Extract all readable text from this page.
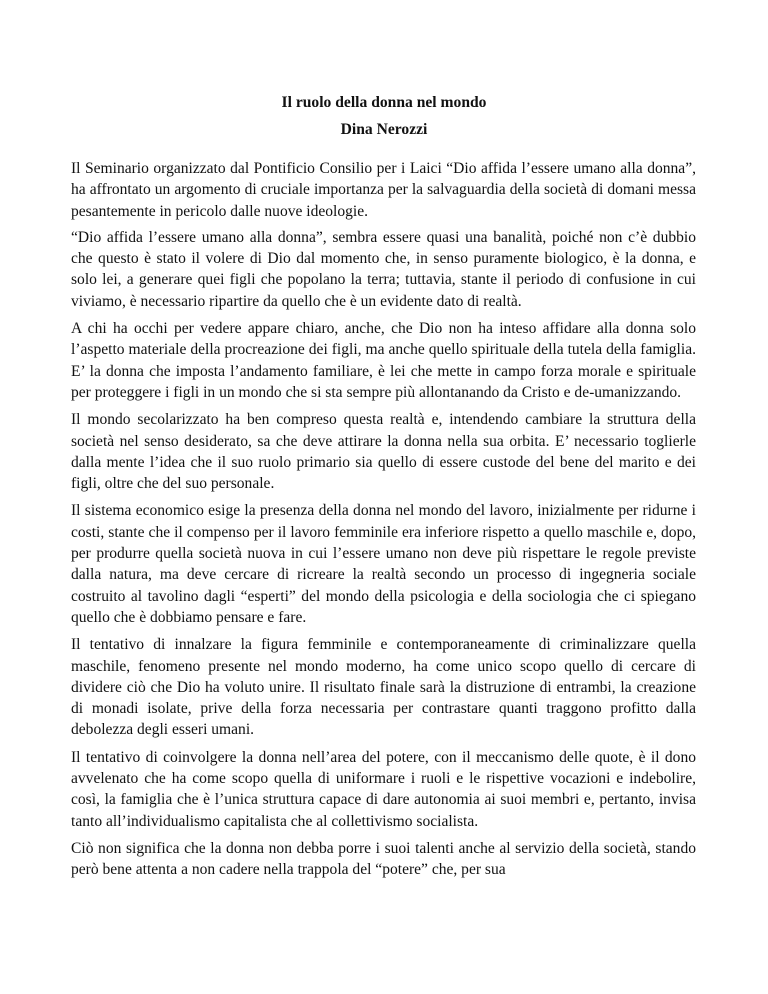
Il ruolo della donna nel mondo
Dina Nerozzi

Il Seminario organizzato dal Pontificio Consilio per i Laici “Dio affida l’essere umano alla donna”, ha affrontato un argomento di cruciale importanza per la salvaguardia della società di domani messa pesantemente in pericolo dalle nuove ideologie.

“Dio affida l’essere umano alla donna”, sembra essere quasi una banalità, poiché non c’è dubbio che questo è stato il volere di Dio dal momento che, in senso puramente biologico, è la donna, e solo lei, a generare quei figli che popolano la terra; tuttavia, stante il periodo di confusione in cui viviamo, è necessario ripartire da quello che è un evidente dato di realtà.

A chi ha occhi per vedere appare chiaro, anche, che Dio non ha inteso affidare alla donna solo l’aspetto materiale della procreazione dei figli, ma anche quello spirituale della tutela della famiglia. E’ la donna che imposta l’andamento familiare, è lei che mette in campo forza morale e spirituale per proteggere i figli in un mondo che si sta sempre più allontanando da Cristo e de-umanizzando.

Il mondo secolarizzato ha ben compreso questa realtà e, intendendo cambiare la struttura della società nel senso desiderato, sa che deve attirare la donna nella sua orbita. E’ necessario toglierle dalla mente l’idea che il suo ruolo primario sia quello di essere custode del bene del marito e dei figli, oltre che del suo personale.

Il sistema economico esige la presenza della donna nel mondo del lavoro, inizialmente per ridurne i costi, stante che il compenso per il lavoro femminile era inferiore rispetto a quello maschile e, dopo, per produrre quella società nuova in cui l’essere umano non deve più rispettare le regole previste dalla natura, ma deve cercare di ricreare la realtà secondo un processo di ingegneria sociale costruito al tavolino dagli “esperti” del mondo della psicologia e della sociologia che ci spiegano quello che è dobbiamo pensare e fare.

Il tentativo di innalzare la figura femminile e contemporaneamente di criminalizzare quella maschile, fenomeno presente nel mondo moderno, ha come unico scopo quello di cercare di dividere ciò che Dio ha voluto unire. Il risultato finale sarà la distruzione di entrambi, la creazione di monadi isolate, prive della forza necessaria per contrastare quanti traggono profitto dalla debolezza degli esseri umani.

Il tentativo di coinvolgere la donna nell’area del potere, con il meccanismo delle quote, è il dono avvelenato che ha come scopo quella di uniformare i ruoli e le rispettive vocazioni e indebolire, così, la famiglia che è l’unica struttura capace di dare autonomia ai suoi membri e, pertanto, invisa tanto all’individualismo capitalista che al collettivismo socialista.

Ciò non significa che la donna non debba porre i suoi talenti anche al servizio della società, stando però bene attenta a non cadere nella trappola del “potere” che, per sua
